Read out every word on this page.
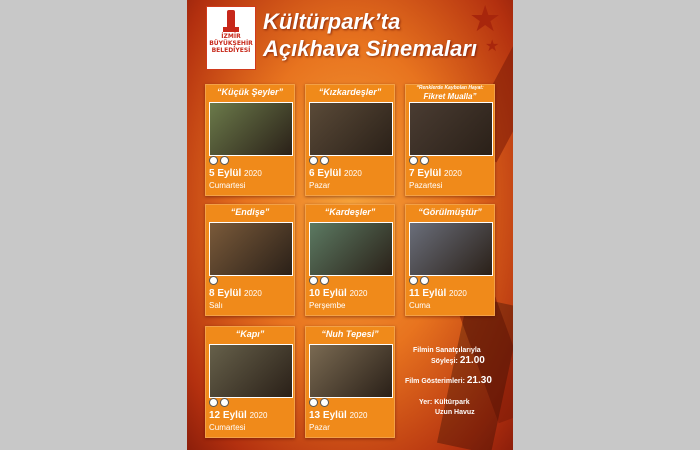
★
★
İZMİR
BÜYÜKŞEHİR
BELEDİYESİ
Kültürpark’ta
Açıkhava Sinemaları
“Küçük Şeyler”
5 Eylül 2020
Cumartesi
“Kızkardeşler”
6 Eylül 2020
Pazar
“Renklerde Kaybolan Hayat:
Fikret Mualla”
7 Eylül 2020
Pazartesi
“Endişe”
8 Eylül 2020
Salı
“Kardeşler”
10 Eylül 2020
Perşembe
“Görülmüştür”
11 Eylül 2020
Cuma
“Kapı”
12 Eylül 2020
Cumartesi
“Nuh Tepesi”
13 Eylül 2020
Pazar
Filmin Sanatçılarıyla
Söyleşi: 21.00
Film Gösterimleri: 21.30
Yer: Kültürpark
Uzun Havuz
